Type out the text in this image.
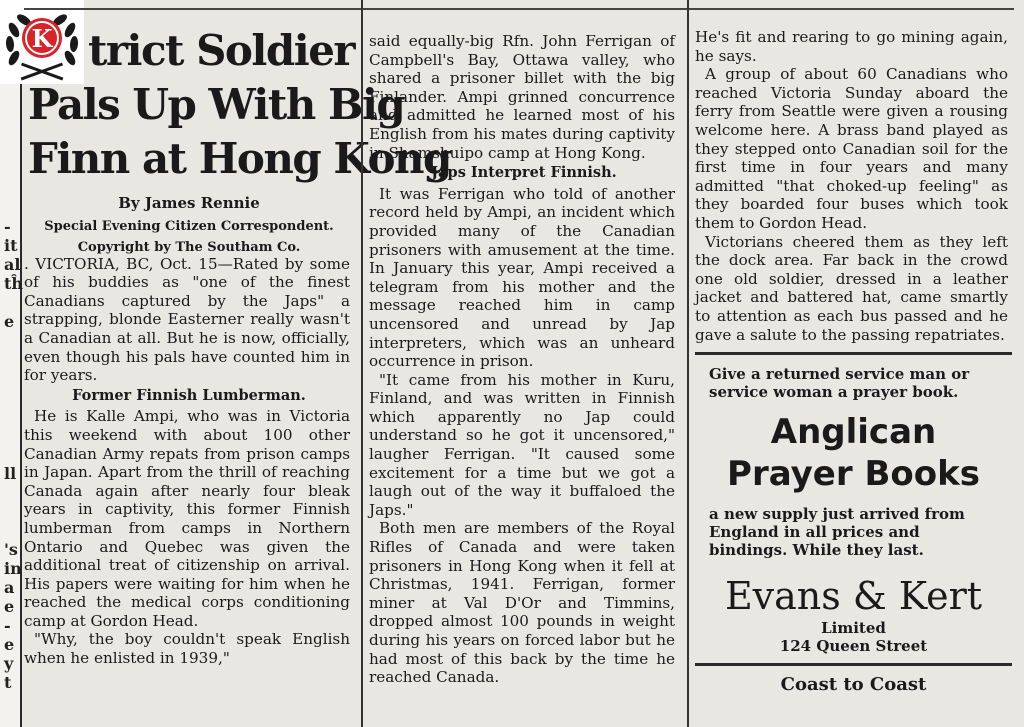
K
-
it
al
tĥ
e
ll
's
in
a
e
-
e
y
t
trict Soldier
Pals Up With Big
Finn at Hong Kong
By James Rennie
Special Evening Citizen Correspondent.
Copyright by The Southam Co.

. VICTORIA, BC, Oct. 15—Rated by some of his buddies as "one of the finest Canadians captured by the Japs" a strapping, blonde Easterner really wasn't a Canadian at all. But he is now, officially, even though his pals have counted him in for years.

Former Finnish Lumberman.

He is Kalle Ampi, who was in Victoria this weekend with about 100 other Canadian Army repats from prison camps in Japan. Apart from the thrill of reaching Canada again after nearly four bleak years in captivity, this former Finnish lumberman from camps in Northern Ontario and Quebec was given the additional treat of citizenship on arrival. His papers were waiting for him when he reached the medical corps conditioning camp at Gordon Head.

"Why, the boy couldn't speak English when he enlisted in 1939,"

said equally-big Rfn. John Ferrigan of Campbell's Bay, Ottawa valley, who shared a prisoner billet with the big Finlander. Ampi grinned concurrence and admitted he learned most of his English from his mates during captivity in Shamshuipo camp at Hong Kong.

Japs Interpret Finnish.

It was Ferrigan who told of another record held by Ampi, an incident which provided many of the Canadian prisoners with amusement at the time. In January this year, Ampi received a telegram from his mother and the message reached him in camp uncensored and unread by Jap interpreters, which was an unheard occurrence in prison.

"It came from his mother in Kuru, Finland, and was written in Finnish which apparently no Jap could understand so he got it uncensored," laugher Ferrigan. "It caused some excitement for a time but we got a laugh out of the way it buffaloed the Japs."

Both men are members of the Royal Rifles of Canada and were taken prisoners in Hong Kong when it fell at Christmas, 1941. Ferrigan, former miner at Val D'Or and Timmins, dropped almost 100 pounds in weight during his years on forced labor but he had most of this back by the time he reached Canada.

He's fit and rearing to go mining again, he says.

A group of about 60 Canadians who reached Victoria Sunday aboard the ferry from Seattle were given a rousing welcome here. A brass band played as they stepped onto Canadian soil for the first time in four years and many admitted "that choked-up feeling" as they boarded four buses which took them to Gordon Head.

Victorians cheered them as they left the dock area. Far back in the crowd one old soldier, dressed in a leather jacket and battered hat, came smartly to attention as each bus passed and he gave a salute to the passing repatriates.

Give a returned service man or service woman a prayer book.
Anglican
Prayer Books
a new supply just arrived from England in all prices and bindings. While they last.
Evans & Kert
Limited
124 Queen Street
Coast to Coast
